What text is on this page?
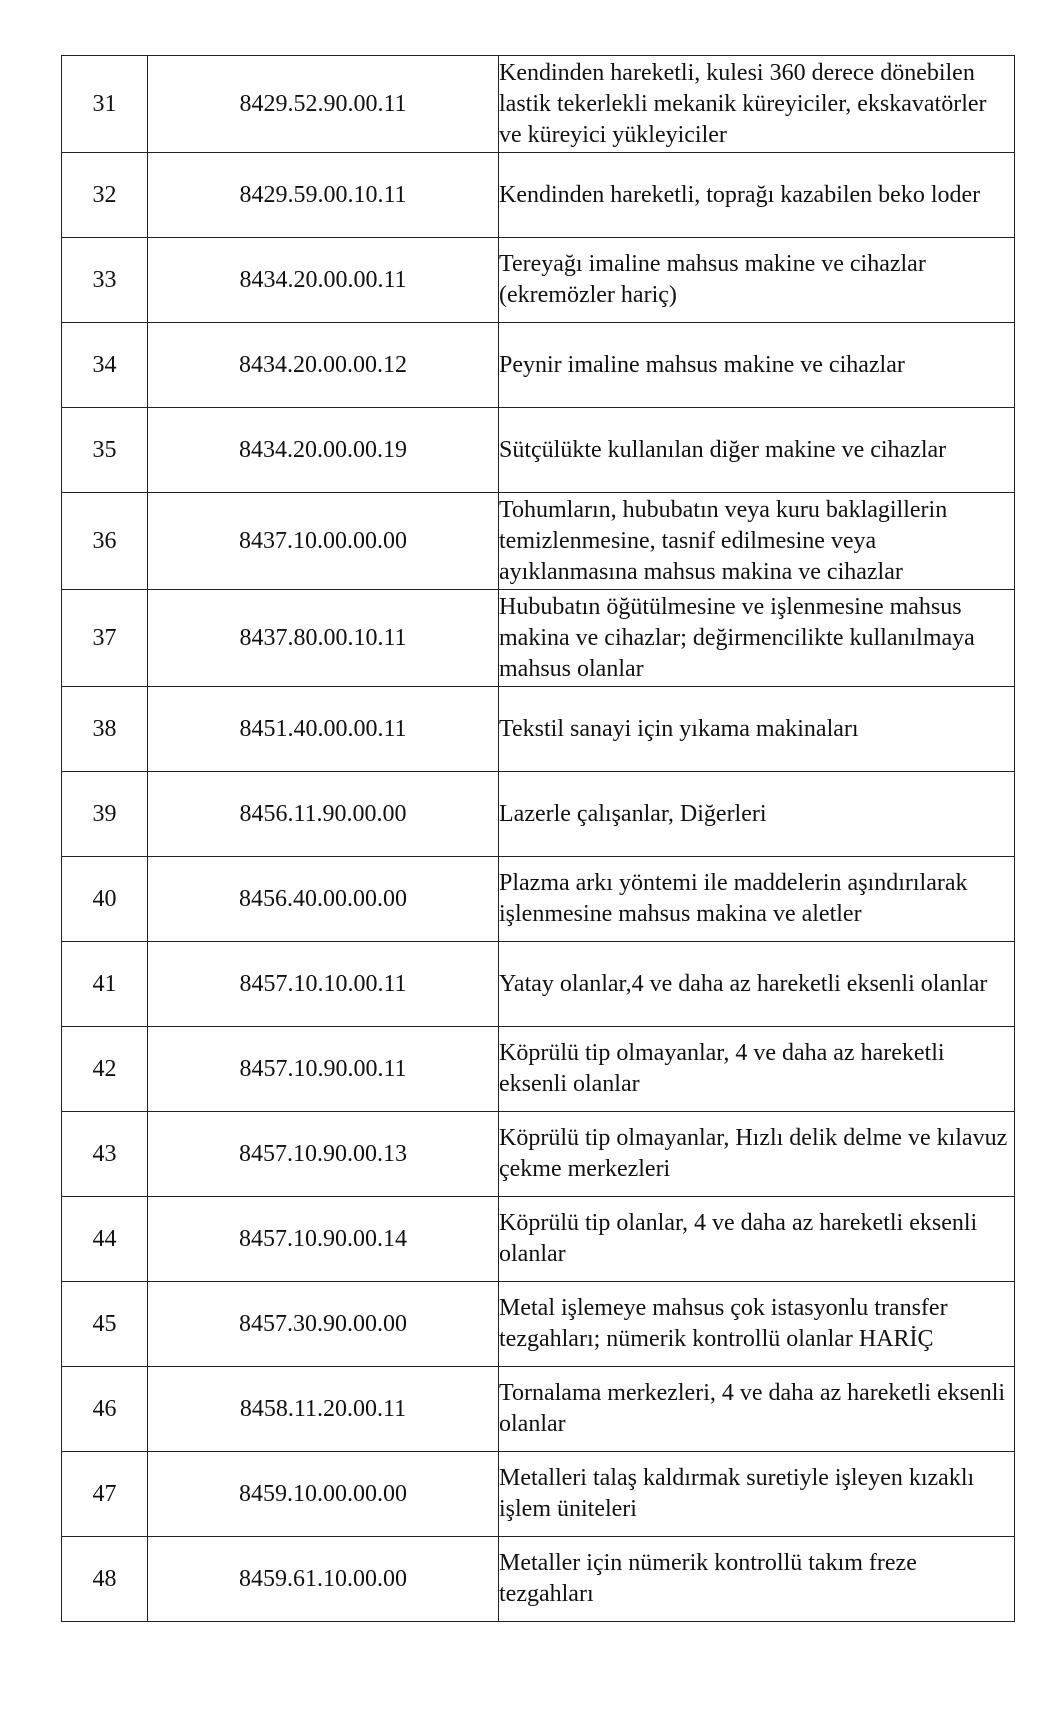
31	8429.52.90.00.11	Kendinden hareketli, kulesi 360 derece dönebilen lastik tekerlekli mekanik küreyiciler, ekskavatörler ve küreyici yükleyiciler
32	8429.59.00.10.11	Kendinden hareketli, toprağı kazabilen beko loder
33	8434.20.00.00.11	Tereyağı imaline mahsus makine ve cihazlar (ekremözler hariç)
34	8434.20.00.00.12	Peynir imaline mahsus makine ve cihazlar
35	8434.20.00.00.19	Sütçülükte kullanılan diğer makine ve cihazlar
36	8437.10.00.00.00	Tohumların, hububatın veya kuru baklagillerin temizlenmesine, tasnif edilmesine veya ayıklanmasına mahsus makina ve cihazlar
37	8437.80.00.10.11	Hububatın öğütülmesine ve işlenmesine mahsus makina ve cihazlar; değirmencilikte kullanılmaya mahsus olanlar
38	8451.40.00.00.11	Tekstil sanayi için yıkama makinaları
39	8456.11.90.00.00	Lazerle çalışanlar, Diğerleri
40	8456.40.00.00.00	Plazma arkı yöntemi ile maddelerin aşındırılarak işlenmesine mahsus makina ve aletler
41	8457.10.10.00.11	Yatay olanlar,4 ve daha az hareketli eksenli olanlar
42	8457.10.90.00.11	Köprülü tip olmayanlar, 4 ve daha az hareketli eksenli olanlar
43	8457.10.90.00.13	Köprülü tip olmayanlar, Hızlı delik delme ve kılavuz çekme merkezleri
44	8457.10.90.00.14	Köprülü tip olanlar, 4 ve daha az hareketli eksenli olanlar
45	8457.30.90.00.00	Metal işlemeye mahsus çok istasyonlu transfer tezgahları; nümerik kontrollü olanlar HARİÇ
46	8458.11.20.00.11	Tornalama merkezleri, 4 ve daha az hareketli eksenli olanlar
47	8459.10.00.00.00	Metalleri talaş kaldırmak suretiyle işleyen kızaklı işlem üniteleri
48	8459.61.10.00.00	Metaller için nümerik kontrollü takım freze tezgahları
